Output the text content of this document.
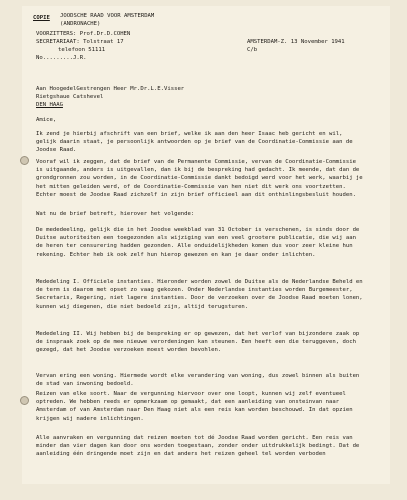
COPIE JOODSCHE RAAD VOOR AMSTERDAM
(ANDRONACHE)
VOORZITTERS: Prof.Dr.D.COHEN
SECRETARIAAT: Tolstraat 17
telefoon 51111
No.........J.R.
AMSTERDAM-Z. 13 November 1941
C/b
Aan HoogedelGestrengen Heer Mr.Dr.L.E.Visser
Rietgshaue Catshevel
DEN HAAG
Amice,

Ik zend je hierbij afschrift van een brief, welke ik aan den heer Isaac heb gericht en wil, gelijk daarin staat, je persoonlijk antwoorden op je brief van de Coordinatie-Commissie aan de Joodse Raad.

Vooraf wil ik zeggen, dat de brief van de Permanente Commissie, vervan de Coordinatie-Commissie is uitgaande, anders is uitgevallen, dan ik bij de bespreking had gedacht. Ik meende, dat dan de grondgronnen zou worden, in de Coordinatie-Commissie dankt bedoigd werd voor het werk, waarbij je het mitten geleiden werd, of de Coordinatie-Commissie van hen niet dit werk ons voortzetten. Echter moest de Joodse Raad zichzelf in zijn brief officieel aan dit onthinlingsbesluit houden.

Wat nu de brief betreft, hierover het volgende:

De mededeeling, gelijk die in het Joodse weekblad van 31 October is verschenen, is sinds door de Duitse autoriteiten een toegezonden als wijziging van een veel grootere publicatie, die wij aan de heren ter censurering hadden gezonden. Alle onduidelijkheden komen dus voor zeer kleine hun rekening. Echter heb ik ook zelf hun hierop gewezen en kan je daar onder inlichten.

Mededeling I. Officiele instanties. Hieronder worden zowel de Duitse als de Nederlandse Beheld en de term is daarom met opset zo vaag gekozen. Onder Nederlandse instanties worden Burgemeester, Secretaris, Regering, niet lagere instanties. Door de verzoeken over de Joodse Raad moeten lonen, kunnen wij diegenen, die niet bedoeld zijn, altijd terugsturen.

Mededeling II. Wij hebben bij de bespreking er op gewezen, dat het verlof van bijzondere zaak op de inspraak zoek op de mee nieuwe verordeningen kan steunen. Een heeft een die teruggeven, doch gezegd, dat het Joodse verzoeken moest worden bevohlen.

Vervan ering een woning. Hiermede wordt elke verandering van woning, dus zowel binnen als buiten de stad van inwoning bedoeld.

Reizen van elke soort. Naar de vergunning hiervoor over one loopt, kunnen wij zelf eventueel optreden. We hebben reeds er opmerkzaam op gemaakt, dat een aanleiding van onsteinvan naar Amsterdam of van Amsterdam naar Den Haag niet als een reis kan worden beschouwd. In dat opzien krijgen wij nadere inlichtingen.

Alle aanvraken en vergunning dat reizen moeten tot dé Joodse Raad worden gericht. Een reis van minder dan vier dagen kan door ons worden toegestaan, zonder onder uitdrukkelijk bedingt. Dat de aanleiding één dringende moet zijn en dat anders het reizen geheel tel worden verboden
